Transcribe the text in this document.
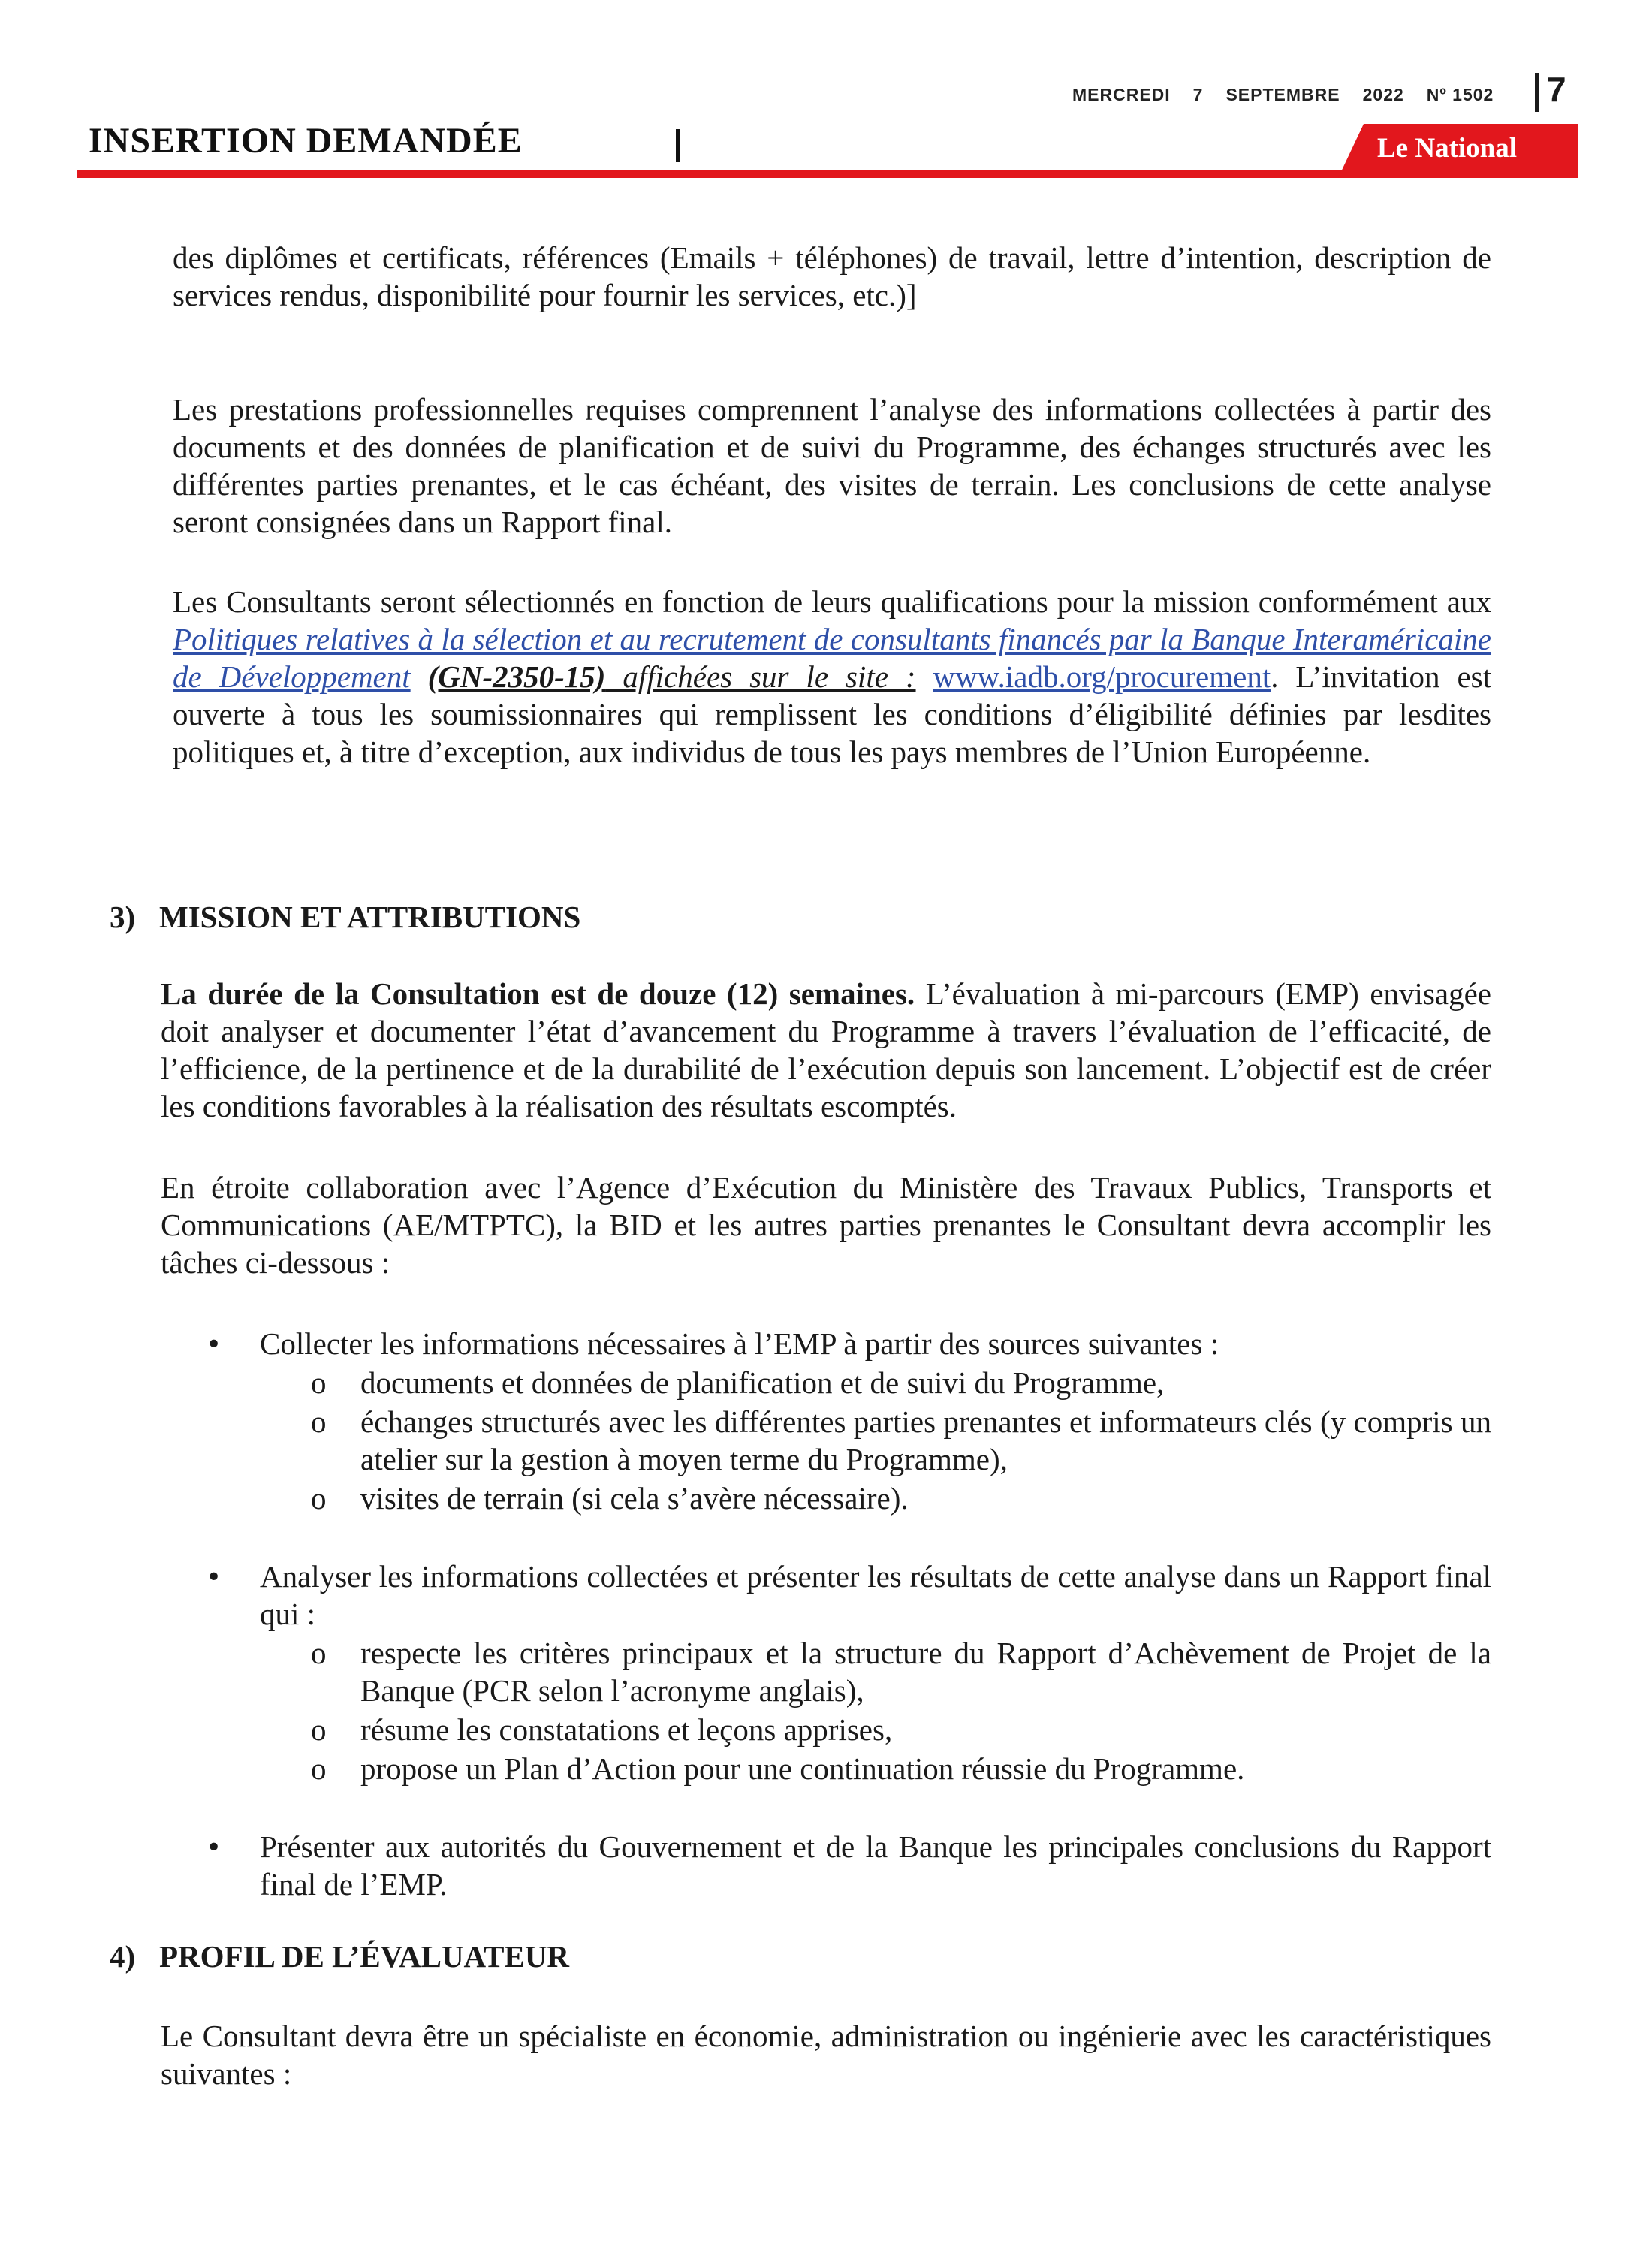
MERCREDI 7 SEPTEMBRE 2022 Nº 1502 7
INSERTION DEMANDÉE	Le National

des diplômes et certificats, références (Emails + téléphones) de travail, lettre d’intention, description de services rendus, disponibilité pour fournir les services, etc.)]

Les prestations professionnelles requises comprennent l’analyse des informations collectées à partir des documents et des données de planification et de suivi du Programme, des échanges structurés avec les différentes parties prenantes, et le cas échéant, des visites de terrain. Les conclusions de cette analyse seront consignées dans un Rapport final.

Les Consultants seront sélectionnés en fonction de leurs qualifications pour la mission conformément aux Politiques relatives à la sélection et au recrutement de consultants financés par la Banque Interaméricaine de Développement (GN-2350-15) affichées sur le site : www.iadb.org/procurement. L’invitation est ouverte à tous les soumissionnaires qui remplissent les conditions d’éligibilité définies par lesdites politiques et, à titre d’exception, aux individus de tous les pays membres de l’Union Européenne.

3) MISSION ET ATTRIBUTIONS

La durée de la Consultation est de douze (12) semaines. L’évaluation à mi-parcours (EMP) envisagée doit analyser et documenter l’état d’avancement du Programme à travers l’évaluation de l’efficacité, de l’efficience, de la pertinence et de la durabilité de l’exécution depuis son lancement. L’objectif est de créer les conditions favorables à la réalisation des résultats escomptés.

En étroite collaboration avec l’Agence d’Exécution du Ministère des Travaux Publics, Transports et Communications (AE/MTPTC), la BID et les autres parties prenantes le Consultant devra accomplir les tâches ci-dessous :

• Collecter les informations nécessaires à l’EMP à partir des sources suivantes :

o documents et données de planification et de suivi du Programme,

o échanges structurés avec les différentes parties prenantes et informateurs clés (y compris un atelier sur la gestion à moyen terme du Programme),

o visites de terrain (si cela s’avère nécessaire).

• Analyser les informations collectées et présenter les résultats de cette analyse dans un Rapport final qui :

o respecte les critères principaux et la structure du Rapport d’Achèvement de Projet de la Banque (PCR selon l’acronyme anglais),

o résume les constatations et leçons apprises,

o propose un Plan d’Action pour une continuation réussie du Programme.

• Présenter aux autorités du Gouvernement et de la Banque les principales conclusions du Rapport final de l’EMP.

4) PROFIL DE L’ÉVALUATEUR

Le Consultant devra être un spécialiste en économie, administration ou ingénierie avec les caractéristiques suivantes :
